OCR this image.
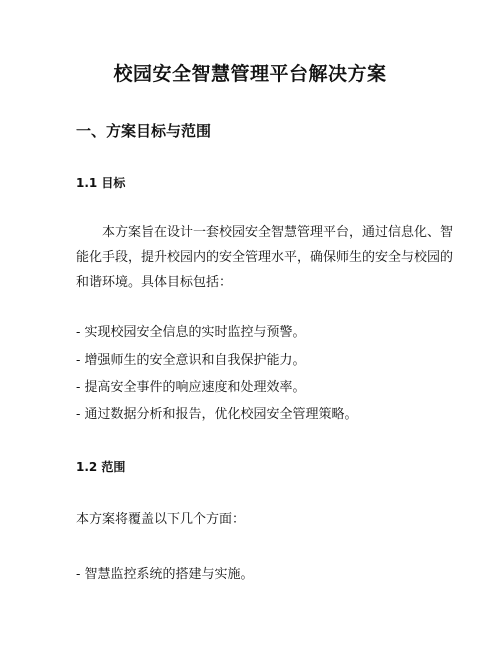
校园安全智慧管理平台解决方案
一、方案目标与范围
1.1 目标

本方案旨在设计一套校园安全智慧管理平台，通过信息化、智
能化手段，提升校园内的安全管理水平，确保师生的安全与校园的
和谐环境。具体目标包括：

- 实现校园安全信息的实时监控与预警。

- 增强师生的安全意识和自我保护能力。

- 提高安全事件的响应速度和处理效率。

- 通过数据分析和报告，优化校园安全管理策略。

1.2 范围

本方案将覆盖以下几个方面：

- 智慧监控系统的搭建与实施。
